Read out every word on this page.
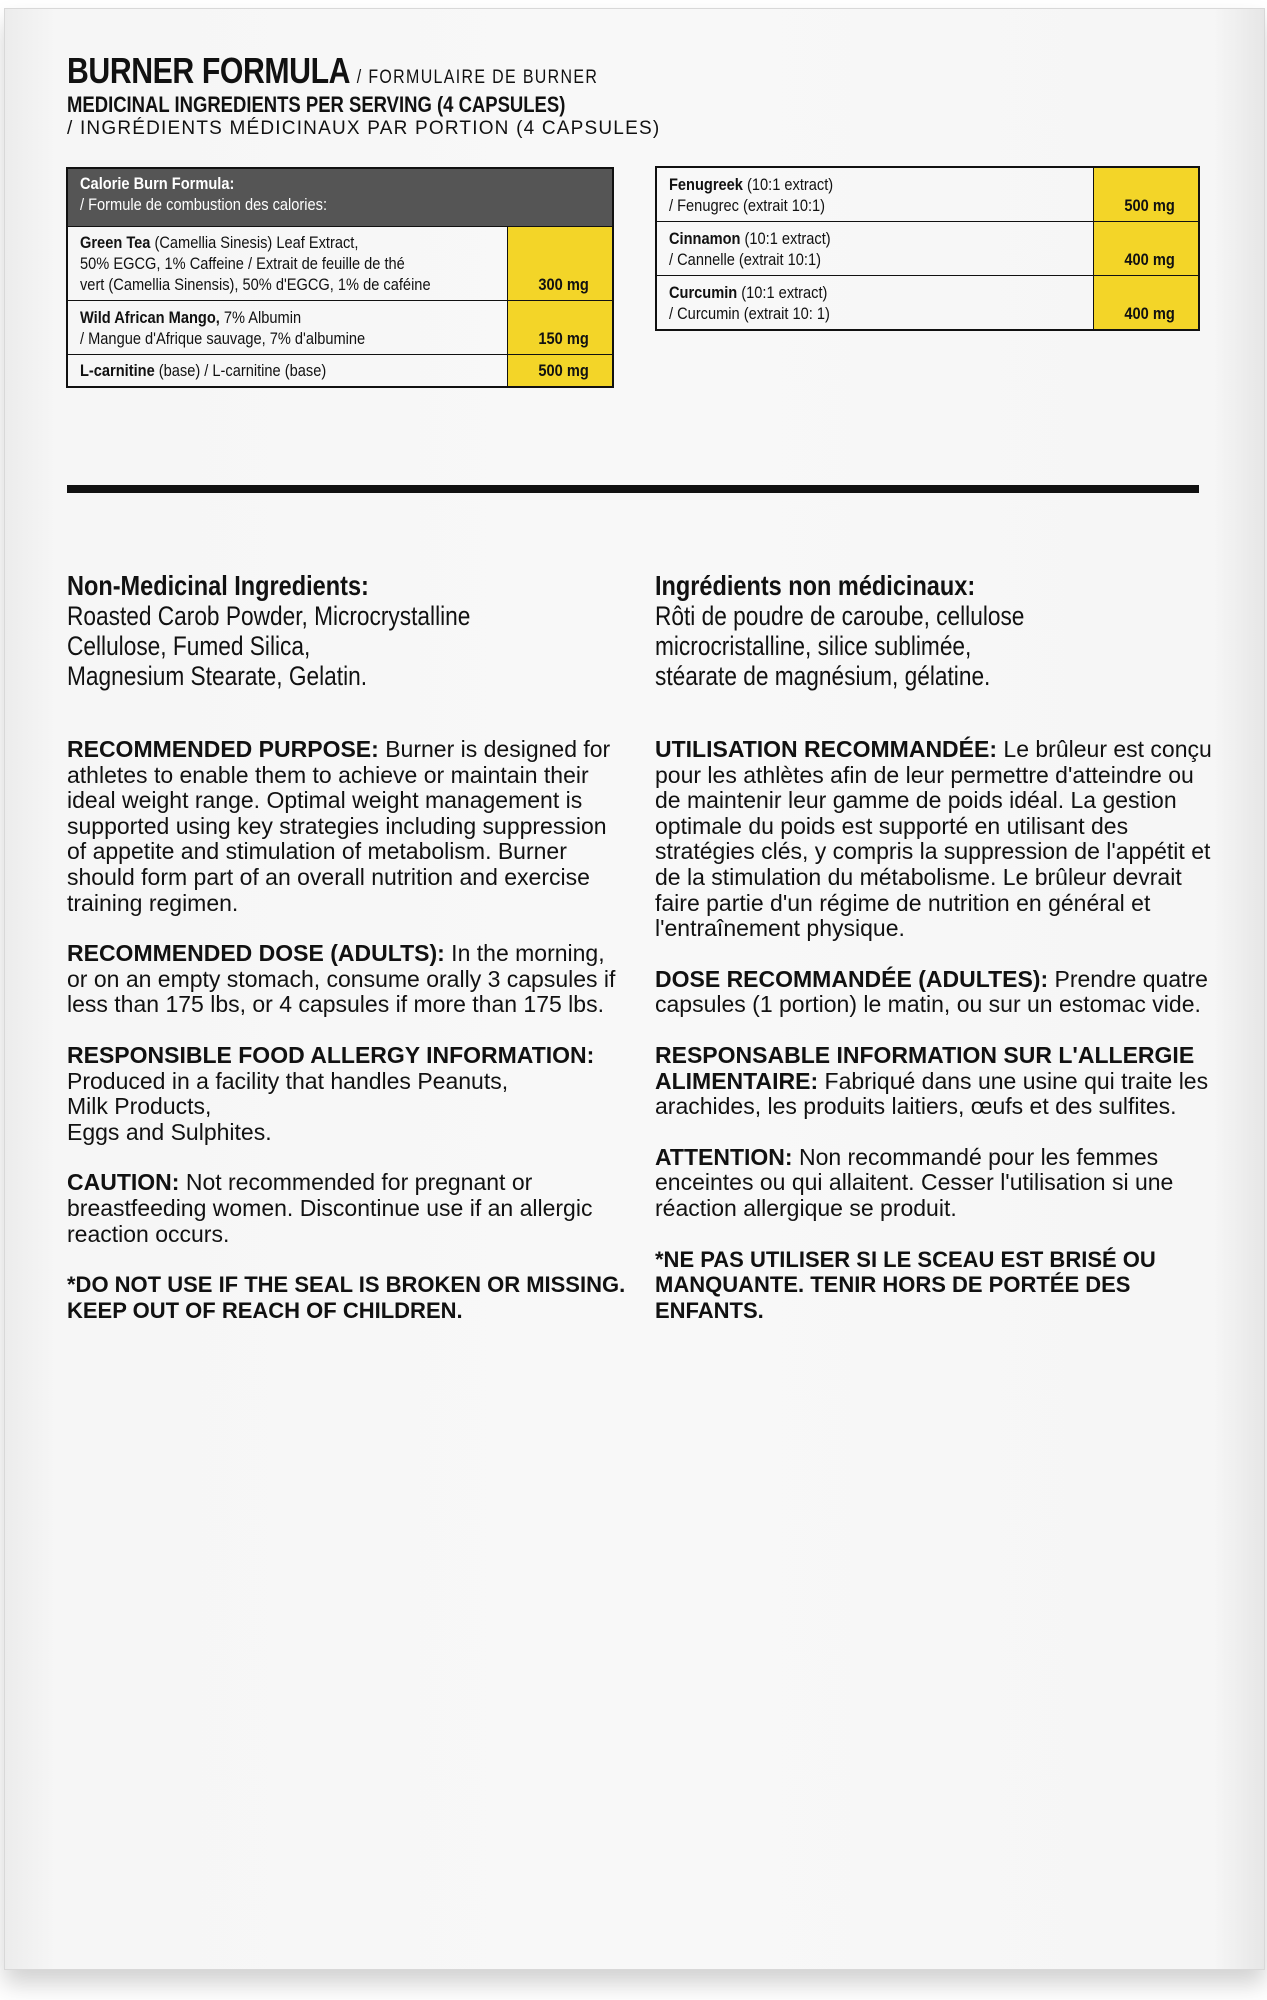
BURNER FORMULA / FORMULAIRE DE BURNER
MEDICINAL INGREDIENTS PER SERVING (4 CAPSULES)
/ INGRÉDIENTS MÉDICINAUX PAR PORTION (4 CAPSULES)
Calorie Burn Formula:
/ Formule de combustion des calories:	

Green Tea (Camellia Sinesis) Leaf Extract,
50% EGCG, 1% Caffeine / Extrait de feuille de thé
vert (Camellia Sinensis), 50% d'EGCG, 1% de caféine	300 mg

Wild African Mango, 7% Albumin
/ Mangue d'Afrique sauvage, 7% d'albumine	150 mg

L-carnitine (base) / L-carnitine (base)	500 mg
Fenugreek (10:1 extract)
/ Fenugrec (extrait 10:1)	500 mg

Cinnamon (10:1 extract)
/ Cannelle (extrait 10:1)	400 mg

Curcumin (10:1 extract)
/ Curcumin (extrait 10: 1)	400 mg

Non-Medicinal Ingredients:

Roasted Carob Powder, Microcrystalline
Cellulose, Fumed Silica,
Magnesium Stearate, Gelatin.

RECOMMENDED PURPOSE: Burner is designed for athletes to enable them to achieve or maintain their ideal weight range. Optimal weight management is supported using key strategies including suppression of appetite and stimulation of metabolism. Burner should form part of an overall nutrition and exercise training regimen.

RECOMMENDED DOSE (ADULTS): In the morning, or on an empty stomach, consume orally 3 capsules if less than 175 lbs, or 4 capsules if more than 175 lbs.

RESPONSIBLE FOOD ALLERGY INFORMATION:
Produced in a facility that handles Peanuts,
Milk Products,
Eggs and Sulphites.

CAUTION: Not recommended for pregnant or breastfeeding women. Discontinue use if an allergic reaction occurs.

*DO NOT USE IF THE SEAL IS BROKEN OR MISSING.
KEEP OUT OF REACH OF CHILDREN.

Ingrédients non médicinaux:

Rôti de poudre de caroube, cellulose
microcristalline, silice sublimée,
stéarate de magnésium, gélatine.

UTILISATION RECOMMANDÉE: Le brûleur est conçu pour les athlètes afin de leur permettre d'atteindre ou de maintenir leur gamme de poids idéal. La gestion optimale du poids est supporté en utilisant des stratégies clés, y compris la suppression de l'appétit et de la stimulation du métabolisme. Le brûleur devrait faire partie d'un régime de nutrition en général et l'entraînement physique.

DOSE RECOMMANDÉE (ADULTES): Prendre quatre capsules (1 portion) le matin, ou sur un estomac vide.

RESPONSABLE INFORMATION SUR L'ALLERGIE
ALIMENTAIRE: Fabriqué dans une usine qui traite les arachides, les produits laitiers, œufs et des sulfites.

ATTENTION: Non recommandé pour les femmes enceintes ou qui allaitent. Cesser l'utilisation si une réaction allergique se produit.

*NE PAS UTILISER SI LE SCEAU EST BRISÉ OU
MANQUANTE. TENIR HORS DE PORTÉE DES ENFANTS.
